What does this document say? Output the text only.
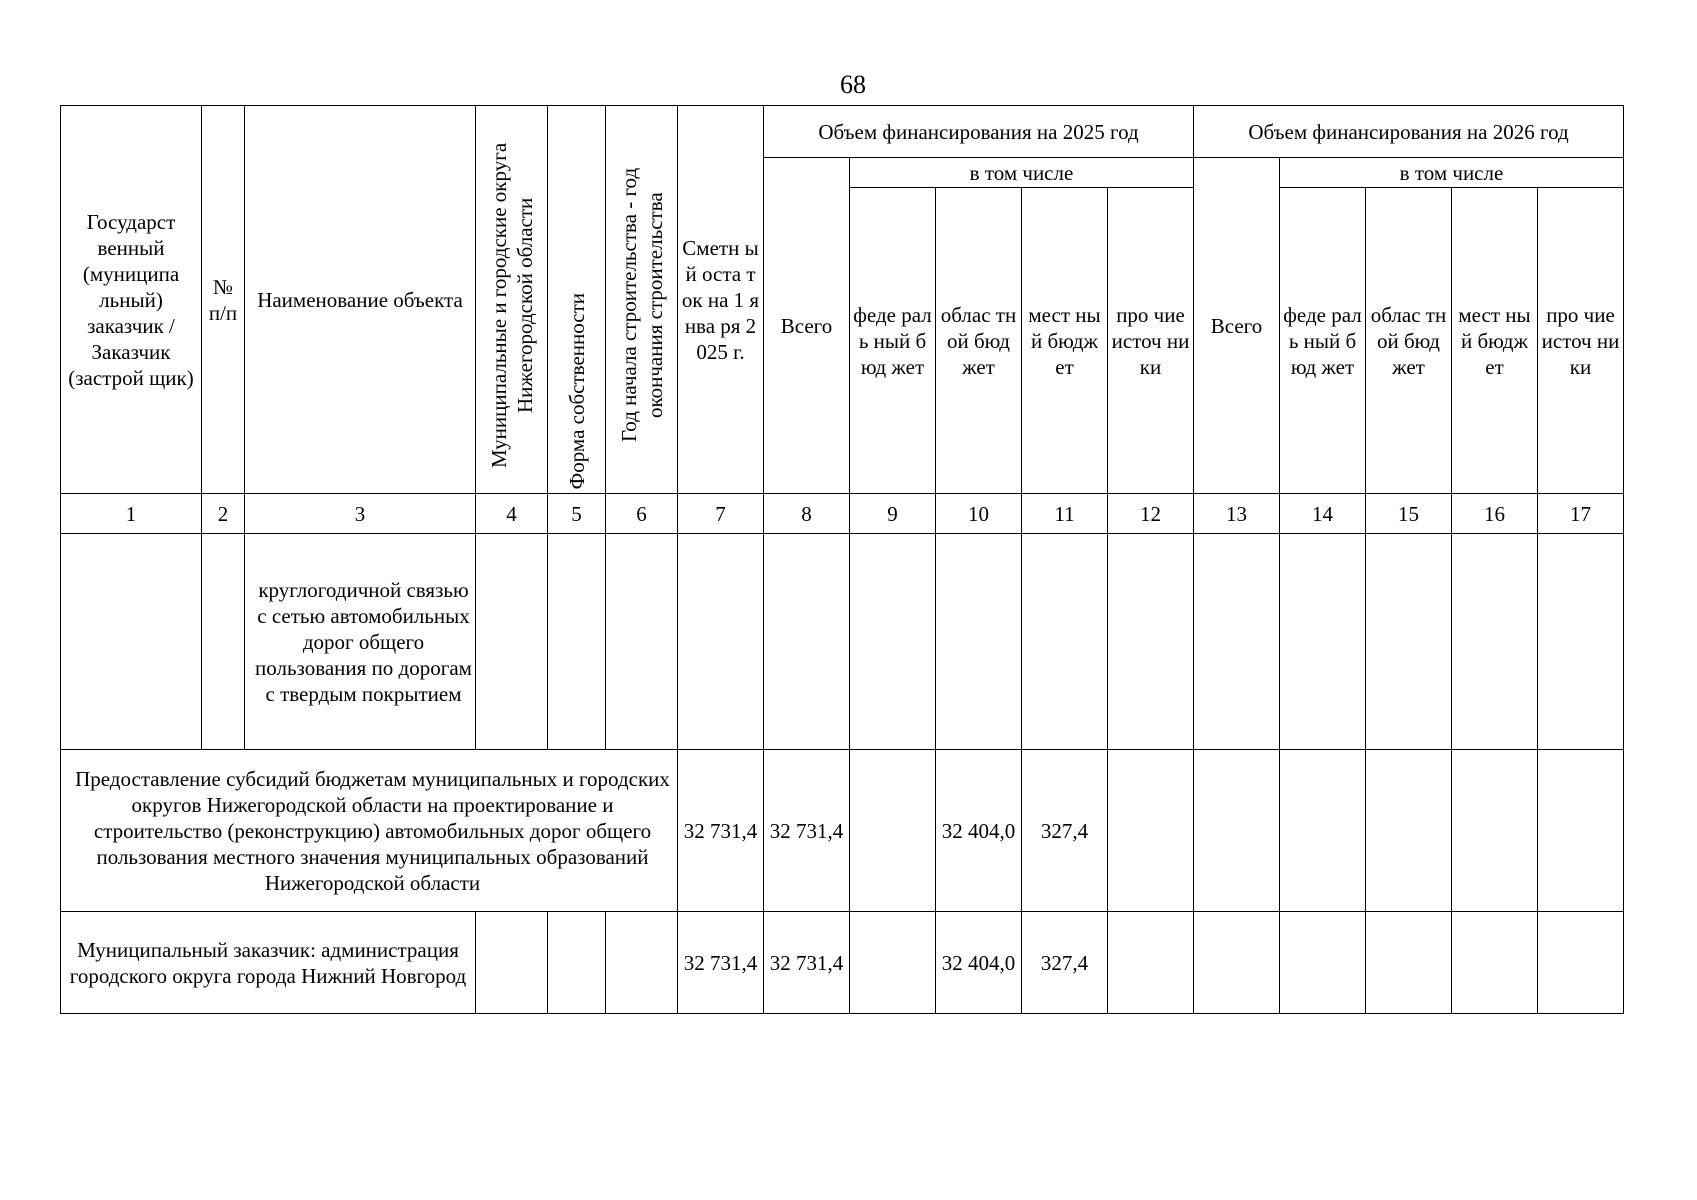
68
Государст венный (муниципа льный) заказчик / Заказчик (застрой щик)	№ п/п	Наименование объекта	Муниципальные и городские округа Нижегородской области	Форма собственности	Год начала строительства - год окончания строительства	Сметн ый оста ток на 1 янва ря 2025 г.	Объем финансирования на 2025 год					Объем финансирования на 2026 год				
							Всего	в том числе				Всего	в том числе			
								феде раль ный бюд жет	облас тной бюд жет	мест ный бюдж ет	про чие источ ники		феде раль ный бюд жет	облас тной бюд жет	мест ный бюдж ет	про чие источ ники
1	2	3	4	5	6	7	8	9	10	11	12	13	14	15	16	17
		круглогодичной связью с сетью автомобильных дорог общего пользования по дорогам с твердым покрытием														
Предоставление субсидий бюджетам муниципальных и городских округов Нижегородской области на проектирование и строительство (реконструкцию) автомобильных дорог общего пользования местного значения муниципальных образований Нижегородской области						32 731,4	32 731,4		32 404,0	327,4						
Муниципальный заказчик: администрация городского округа города Нижний Новгород						32 731,4	32 731,4		32 404,0	327,4						
